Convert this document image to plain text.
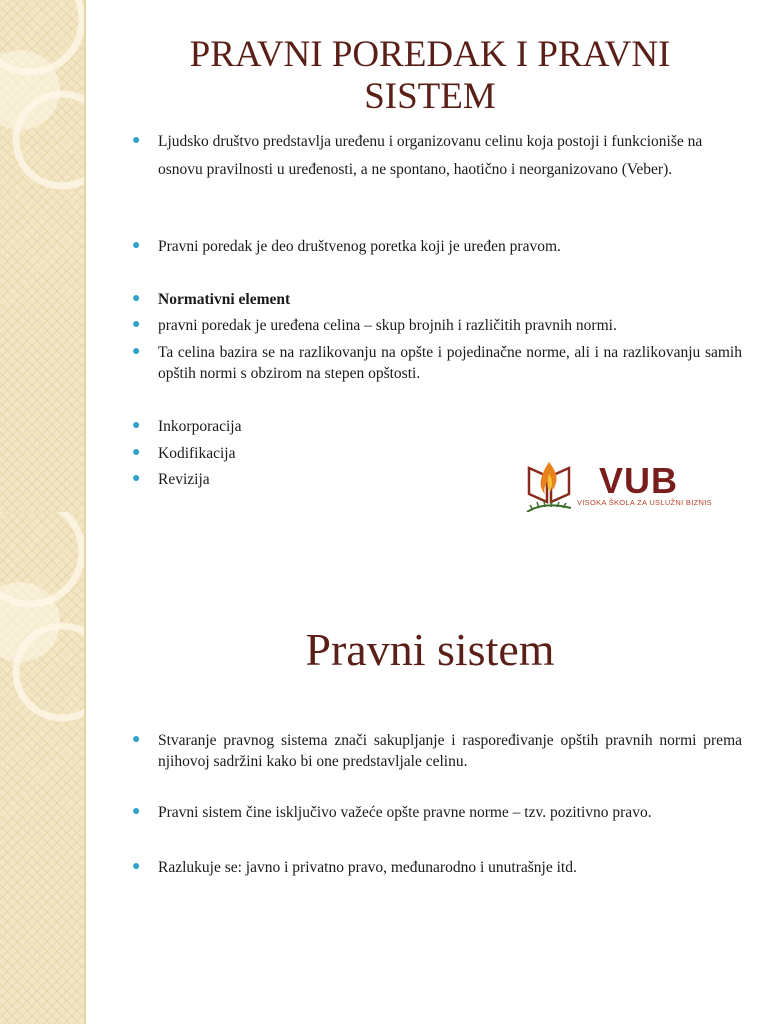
PRAVNI POREDAK I PRAVNI SISTEM
●	Ljudsko društvo predstavlja uređenu i organizovanu celinu koja postoji i funkcioniše na osnovu pravilnosti u uređenosti, a ne spontano, haotično i neorganizovano (Veber).
●	Pravni poredak je deo društvenog poretka koji je uređen pravom.
●	Normativni element
●	pravni poredak je uređena celina – skup brojnih i različitih pravnih normi.
●	Ta celina bazira se na razlikovanju na opšte i pojedinačne norme, ali i na razlikovanju samih opštih normi s obzirom na stepen opštosti.
●	Inkorporacija
●	Kodifikacija
●	Revizija	VUB
VISOKA ŠKOLA ZA USLUŽNI BIZNIS
Pravni sistem
●	Stvaranje pravnog sistema znači sakupljanje i raspoređivanje opštih pravnih normi prema njihovoj sadržini kako bi one predstavljale celinu.
●	Pravni sistem čine isključivo važeće opšte pravne norme – tzv. pozitivno pravo.
●	Razlukuje se: javno i privatno pravo, međunarodno i unutrašnje itd.
